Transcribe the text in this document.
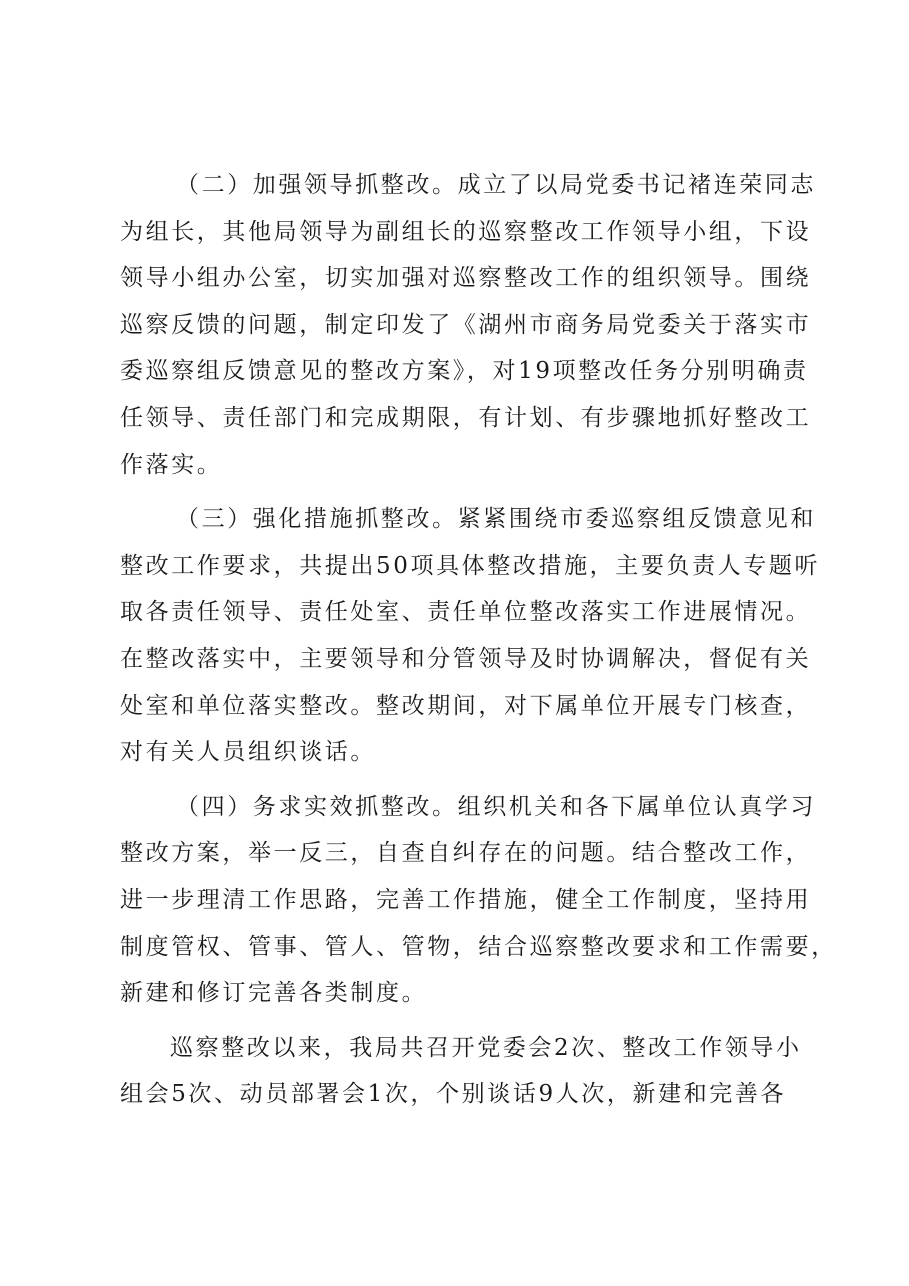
（二）加强领导抓整改。成立了以局党委书记褚连荣同志
为组长，其他局领导为副组长的巡察整改工作领导小组，下设
领导小组办公室，切实加强对巡察整改工作的组织领导。围绕
巡察反馈的问题，制定印发了《湖州市商务局党委关于落实市
委巡察组反馈意见的整改方案》，对19项整改任务分别明确责
任领导、责任部门和完成期限，有计划、有步骤地抓好整改工
作落实。
（三）强化措施抓整改。紧紧围绕市委巡察组反馈意见和
整改工作要求，共提出50项具体整改措施，主要负责人专题听
取各责任领导、责任处室、责任单位整改落实工作进展情况。
在整改落实中，主要领导和分管领导及时协调解决，督促有关
处室和单位落实整改。整改期间，对下属单位开展专门核查，
对有关人员组织谈话。
（四）务求实效抓整改。组织机关和各下属单位认真学习
整改方案，举一反三，自查自纠存在的问题。结合整改工作，
进一步理清工作思路，完善工作措施，健全工作制度，坚持用
制度管权、管事、管人、管物，结合巡察整改要求和工作需要，
新建和修订完善各类制度。
巡察整改以来，我局共召开党委会2次、整改工作领导小
组会5次、动员部署会1次，个别谈话9人次，新建和完善各
